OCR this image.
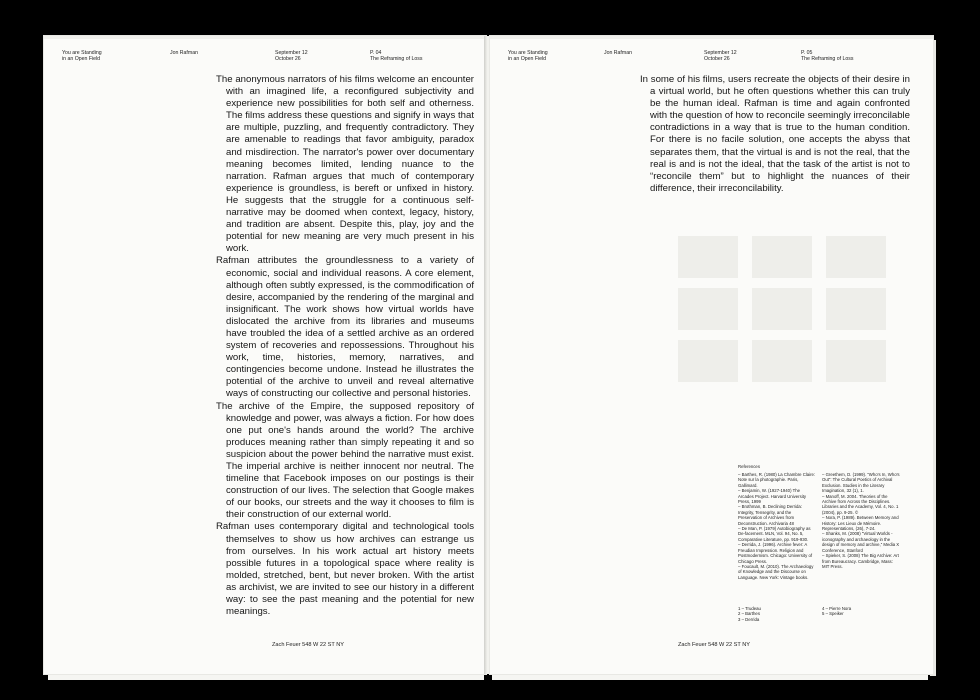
You are Standing
in an Open Field
Jon Rafman	September 12
October 26
P. 04
The Reframing of Loss

The anonymous narrators of his films welcome an encounter with an imagined life, a reconfigured subjectivity and experience new possibilities for both self and otherness. The films address these questions and signify in ways that are multiple, puzzling, and frequently contradictory. They are amenable to readings that favor ambiguity, paradox and misdirection. The narrator's power over documentary meaning becomes limited, lending nuance to the narration. Rafman argues that much of contemporary experience is groundless, is bereft or unfixed in history. He suggests that the struggle for a continuous self-narrative may be doomed when context, legacy, history, and tradition are absent. Despite this, play, joy and the potential for new meaning are very much present in his work.

Rafman attributes the groundlessness to a variety of economic, social and individual reasons. A core element, although often subtly expressed, is the commodification of desire, accompanied by the rendering of the marginal and insignificant. The work shows how virtual worlds have dislocated the archive from its libraries and museums have troubled the idea of a settled archive as an ordered system of recoveries and repossessions. Throughout his work, time, histories, memory, narratives, and contingencies become undone. Instead he illustrates the potential of the archive to unveil and reveal alternative ways of constructing our collective and personal histories.

The archive of the Empire, the supposed repository of knowledge and power, was always a fiction. For how does one put one's hands around the world? The archive produces meaning rather than simply repeating it and so suspicion about the power behind the narrative must exist. The imperial archive is neither innocent nor neutral. The timeline that Facebook imposes on our postings is their construction of our lives. The selection that Google makes of our books, our streets and the way it chooses to film is their construction of our external world.

Rafman uses contemporary digital and technological tools themselves to show us how archives can estrange us from ourselves. In his work actual art history meets possible futures in a topological space where reality is molded, stretched, bent, but never broken. With the artist as archivist, we are invited to see our history in a different way: to see the past meaning and the potential for new meanings.

Zach Feuer 548 W 22 ST NY
You are Standing
in an Open Field
Jon Rafman	September 12
October 26
P. 05
The Reframing of Loss

In some of his films, users recreate the objects of their desire in a virtual world, but he often questions whether this can truly be the human ideal. Rafman is time and again confronted with the question of how to reconcile seemingly irreconcilable contradictions in a way that is true to the human condition. For there is no facile solution, one accepts the abyss that separates them, that the virtual is and is not the real, that the real is and is not the ideal, that the task of the artist is not to “reconcile them” but to highlight the nuances of their difference, their irreconcilability.

References
– Barthes, R. (1980) La Chambre Claire: Note sur la photographie. Paris, Gallimard.
– Benjamin, W. (1927-1940) The Arcades Project. Harvard University Press, 1999
– Brothman, B. Declining Derrida: Integrity, Tensegrity, and the Preservation of Archives from Deconstruction. Archivaria 48
– De Man, P. (1979) Autobiography as De-facement. MLN, Vol. 94, No. 5, Comparative Literature, pp. 919-930.
– Derrida, J. (1996). Archive fever: A Freudian Impression. Religion and Postmodernism. Chicago: University of Chicago Press.
– Foucault, M. (2010). The Archaeology of Knowledge and the Discourse on Language. New York: Vintage books.
– Greethem, D. (1999). “Who's In, Who's Out”: The Cultural Poetics of Archival Exclusion. Studies in the Literary Imagination, 32 (1), 1.
– Manoff, M. 2004. Theories of the Archive from Across the Disciplines. Libraries and the Academy, Vol. 4, No. 1 (2004), pp. 9-25. ©
– Nora, P. (1989). Between Memory and History: Les Lieux de Mémoire. Representations, (26), 7-24.
– Shanks, M. (2008) “Virtual Worlds - iconography and archaeology in the design of memory and archive,” Media X Conference, Stanford
– Spieker, S. (2008) The Big Archive: Art from Bureaucracy. Cambridge, Mass: MIT Press.
1 – Trudeau
2 – Barthes
3 – Derrida
4 – Pierre Nora
5 – Speiker
Zach Feuer 548 W 22 ST NY
